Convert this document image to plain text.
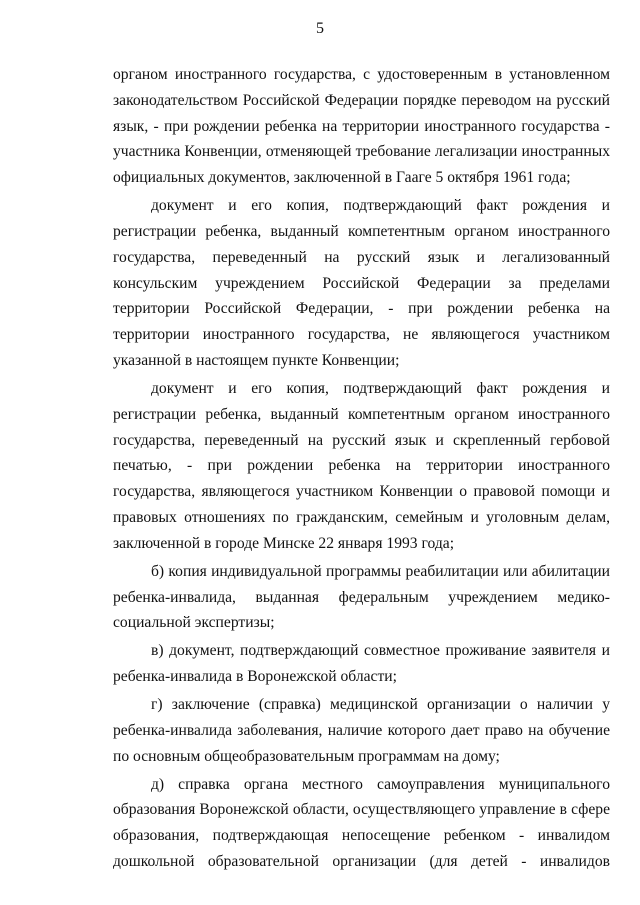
5

органом иностранного государства, с удостоверенным в установленном законодательством Российской Федерации порядке переводом на русский язык, - при рождении ребенка на территории иностранного государства - участника Конвенции, отменяющей требование легализации иностранных официальных документов, заключенной в Гааге 5 октября 1961 года;

документ и его копия, подтверждающий факт рождения и регистрации ребенка, выданный компетентным органом иностранного государства, переведенный на русский язык и легализованный консульским учреждением Российской Федерации за пределами территории Российской Федерации, - при рождении ребенка на территории иностранного государства, не являющегося участником указанной в настоящем пункте Конвенции;

документ и его копия, подтверждающий факт рождения и регистрации ребенка, выданный компетентным органом иностранного государства, переведенный на русский язык и скрепленный гербовой печатью, - при рождении ребенка на территории иностранного государства, являющегося участником Конвенции о правовой помощи и правовых отношениях по гражданским, семейным и уголовным делам, заключенной в городе Минске 22 января 1993 года;

б) копия индивидуальной программы реабилитации или абилитации ребенка-инвалида, выданная федеральным учреждением медико-социальной экспертизы;

в) документ, подтверждающий совместное проживание заявителя и ребенка-инвалида в Воронежской области;

г) заключение (справка) медицинской организации о наличии у ребенка-инвалида заболевания, наличие которого дает право на обучение по основным общеобразовательным программам на дому;

д) справка органа местного самоуправления муниципального образования Воронежской области, осуществляющего управление в сфере образования, подтверждающая непосещение ребенком - инвалидом дошкольной образовательной организации (для детей - инвалидов
